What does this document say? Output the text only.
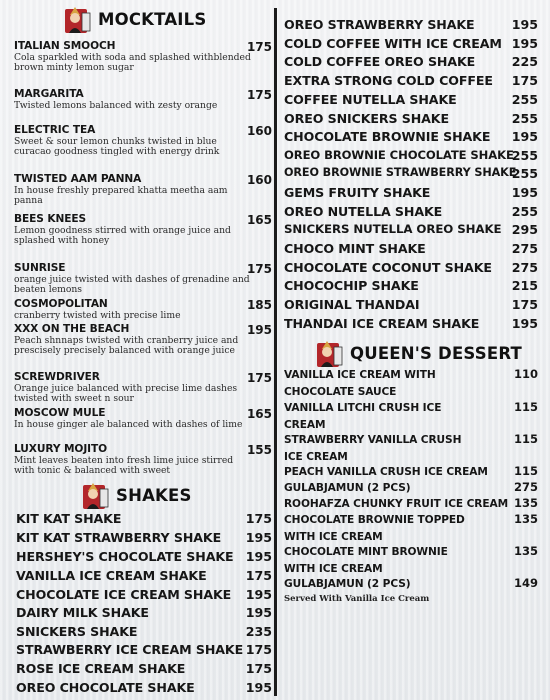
MOCKTAILS
ITALIAN SMOOCH	175
Cola sparkled with soda and splashed withblended brown minty lemon sugar
MARGARITA	175
Twisted lemons balanced with zesty orange
ELECTRIC TEA	160
Sweet & sour lemon chunks twisted in blue curacao goodness tingled with energy drink
TWISTED AAM PANNA	160
In house freshly prepared khatta meetha aam panna
BEES KNEES	165
Lemon goodness stirred with orange juice and splashed with honey
SUNRISE	175
orange juice twisted with dashes of grenadine and beaten lemons
COSMOPOLITAN	185
cranberry twisted with precise lime
XXX ON THE BEACH	195
Peach shnnaps twisted with cranberry juice and prescisely precisely balanced with orange juice
SCREWDRIVER	175
Orange juice balanced with precise lime dashes twisted with sweet n sour
MOSCOW MULE	165
In house ginger ale balanced with dashes of lime
LUXURY MOJITO	155
Mint leaves beaten into fresh lime juice stirred with tonic & balanced with sweet
SHAKES
KIT KAT SHAKE	175
KIT KAT STRAWBERRY SHAKE 195
HERSHEY'S CHOCOLATE SHAKE 195
VANILLA ICE CREAM SHAKE	175
CHOCOLATE ICE CREAM SHAKE 195
DAIRY MILK SHAKE	195
SNICKERS SHAKE	235
STRAWBERRY ICE CREAM SHAKE 175
ROSE ICE CREAM SHAKE	175
OREO CHOCOLATE SHAKE	195
OREO STRAWBERRY SHAKE	195
COLD COFFEE WITH ICE CREAM 195
COLD COFFEE OREO SHAKE	225
EXTRA STRONG COLD COFFEE 175
COFFEE NUTELLA SHAKE	255
OREO SNICKERS SHAKE	255
CHOCOLATE BROWNIE SHAKE 195
OREO BROWNIE CHOCOLATE SHAKE
255
OREO BROWNIE STRAWBERRY SHAKE
255
GEMS FRUITY SHAKE	195
OREO NUTELLA SHAKE	255
SNICKERS NUTELLA OREO SHAKE 295
CHOCO MINT SHAKE	275
CHOCOLATE COCONUT SHAKE 275
CHOCOCHIP SHAKE	215
ORIGINAL THANDAI	175
THANDAI ICE CREAM SHAKE	195
QUEEN'S DESSERT
VANILLA ICE CREAM WITH CHOCOLATE SAUCE
110
VANILLA LITCHI CRUSH ICE CREAM
115
STRAWBERRY VANILLA CRUSH ICE CREAM
115
PEACH VANILLA CRUSH ICE CREAM	115
GULABJAMUN (2 PCS)	275
ROOHAFZA CHUNKY FRUIT ICE CREAM 135
CHOCOLATE BROWNIE TOPPED WITH ICE CREAM
135
CHOCOLATE MINT BROWNIE WITH ICE CREAM
135
GULABJAMUN (2 PCS)	149
Served With Vanilla Ice Cream
